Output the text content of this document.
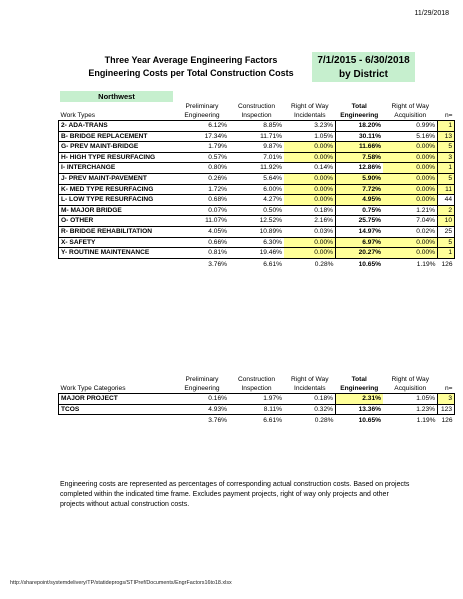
11/29/2018
Three Year Average Engineering Factors
Engineering Costs per Total Construction Costs
7/1/2015 - 6/30/2018
by District
Northwest
	Preliminary	Construction	Right of Way	Total	Right of Way	
Work Types	Engineering	Inspection	Incidentals	Engineering	Acquisition	n=
2- ADA-TRANS	6.12%	8.85%	3.23%	18.20%	0.99%	1
B- BRIDGE REPLACEMENT	17.34%	11.71%	1.05%	30.11%	5.16%	13
G- PREV MAINT-BRIDGE	1.79%	9.87%	0.00%	11.66%	0.00%	5
H- HIGH TYPE RESURFACING	0.57%	7.01%	0.00%	7.58%	0.00%	3
I- INTERCHANGE	0.80%	11.92%	0.14%	12.86%	0.00%	1
J- PREV MAINT-PAVEMENT	0.26%	5.64%	0.00%	5.90%	0.00%	5
K- MED TYPE RESURFACING	1.72%	6.00%	0.00%	7.72%	0.00%	11
L- LOW TYPE RESURFACING	0.68%	4.27%	0.00%	4.95%	0.00%	44
M- MAJOR BRIDGE	0.07%	0.50%	0.18%	0.75%	1.21%	2
O- OTHER	11.07%	12.52%	2.16%	25.75%	7.04%	10
R- BRIDGE REHABILITATION	4.05%	10.89%	0.03%	14.97%	0.02%	25
X- SAFETY	0.66%	6.30%	0.00%	6.97%	0.00%	5
Y- ROUTINE MAINTENANCE	0.81%	19.46%	0.00%	20.27%	0.00%	1
	3.76%	6.61%	0.28%	10.65%	1.19%	126
	Preliminary	Construction	Right of Way	Total	Right of Way	
Work Type Categories	Engineering	Inspection	Incidentals	Engineering	Acquisition	n=
MAJOR PROJECT	0.16%	1.97%	0.18%	2.31%	1.05%	3
TCOS	4.93%	8.11%	0.32%	13.36%	1.23%	123
	3.76%	6.61%	0.28%	10.65%	1.19%	126
Engineering costs are represented as percentages of corresponding actual construction costs. Based on projects completed within the indicated time frame. Excludes payment projects, right of way only projects and other projects without actual construction costs.
http://sharepoint/systemdelivery/TP/statideprogs/STIPref/Documents/EngrFactors16to18.xlsx
